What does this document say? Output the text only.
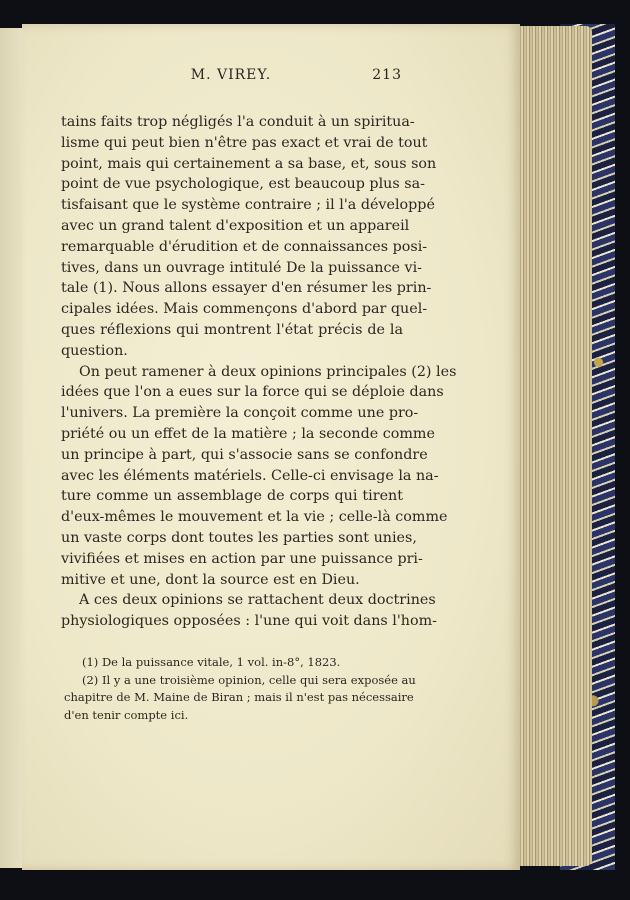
M. VIREY.	213
tains faits trop négligés l'a conduit à un spiritua-
lisme qui peut bien n'être pas exact et vrai de tout
point, mais qui certainement a sa base, et, sous son
point de vue psychologique, est beaucoup plus sa-
tisfaisant que le système contraire ; il l'a développé
avec un grand talent d'exposition et un appareil
remarquable d'érudition et de connaissances posi-
tives, dans un ouvrage intitulé De la puissance vi-
tale (1). Nous allons essayer d'en résumer les prin-
cipales idées. Mais commençons d'abord par quel-
ques réflexions qui montrent l'état précis de la
question.
On peut ramener à deux opinions principales (2) les
idées que l'on a eues sur la force qui se déploie dans
l'univers. La première la conçoit comme une pro-
priété ou un effet de la matière ; la seconde comme
un principe à part, qui s'associe sans se confondre
avec les éléments matériels. Celle-ci envisage la na-
ture comme un assemblage de corps qui tirent
d'eux-mêmes le mouvement et la vie ; celle-là comme
un vaste corps dont toutes les parties sont unies,
vivifiées et mises en action par une puissance pri-
mitive et une, dont la source est en Dieu.
A ces deux opinions se rattachent deux doctrines
physiologiques opposées : l'une qui voit dans l'hom-
(1) De la puissance vitale, 1 vol. in-8°, 1823.
(2) Il y a une troisième opinion, celle qui sera exposée au
chapitre de M. Maine de Biran ; mais il n'est pas nécessaire
d'en tenir compte ici.
